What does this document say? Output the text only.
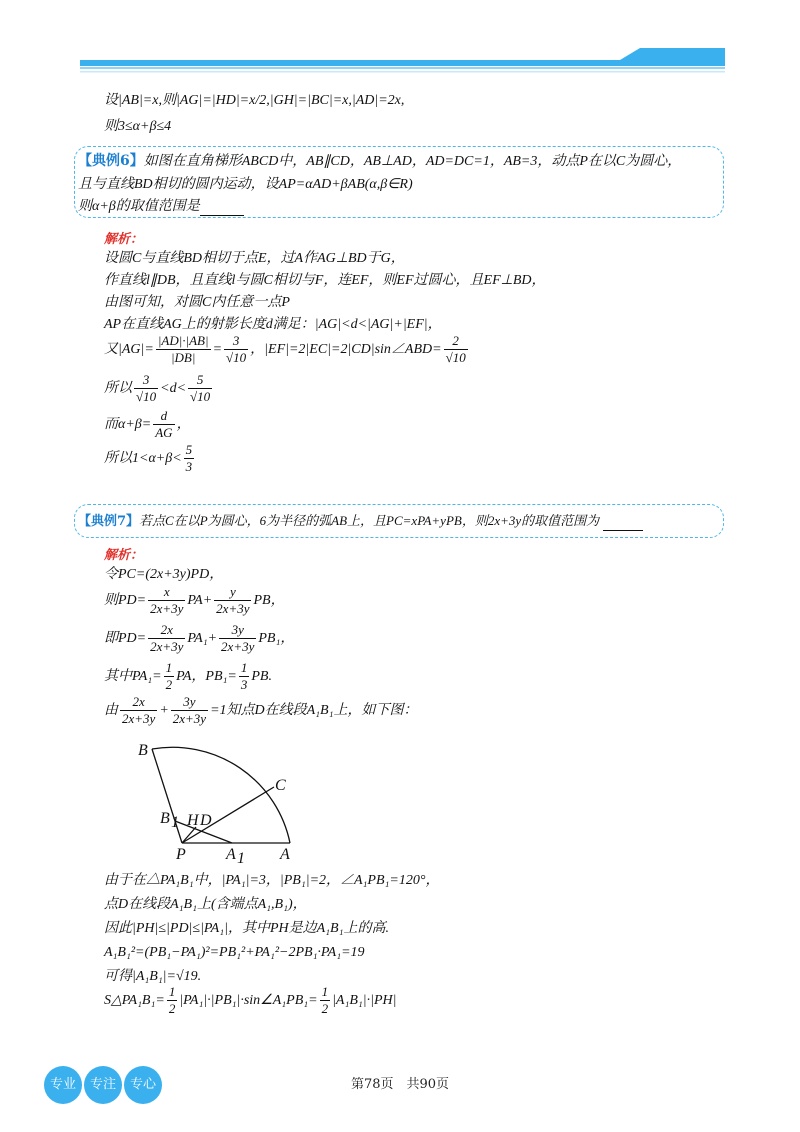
设|AB|=x,则|AG|=|HD|=x/2,|GH|=|BC|=x,|AD|=2x,
则3≤α+β≤4
【典例6】如图在直角梯形ABCD中，AB∥CD，AB⊥AD，AD=DC=1，AB=3，动点P在以C为圆心，
且与直线BD相切的圆内运动，设AP=αAD+βAB(α,β∈R)
则α+β的取值范围是
解析：
设圆C与直线BD相切于点E，过A作AG⊥BD于G，
作直线l∥DB，且直线l与圆C相切与F，连EF，则EF过圆心，且EF⊥BD，
由图可知，对圆C内任意一点P
AP在直线AG上的射影长度d满足：|AG|<d<|AG|+|EF|，
又$|AG|= \frac{|AD|\cdot|AB|}{|DB|} = \frac{3}{√10}$ ，|EF|=2|EC|=2|CD|sin∠ABD= $\frac{2}{√10}$
所以 $\frac{3}{√10} <d< \frac{5}{√10}$
而$\alpha+\beta= \frac{d}{AG}$ ，
所以$1<\alpha+\beta< \frac{5}{3}$
【典例7】若点C在以P为圆心，6为半径的弧AB上，且PC=xPA+yPB，则2x+3y的取值范围为
解析：
令PC=(2x+3y)PD，
则$PD= \frac{x}{2x+3y} PA+ \frac{y}{2x+3y}$ PB，
即$PD= \frac{2x}{2x+3y} PA_1+ \frac{3y}{2x+3y} PB_1$，
其中$PA_1= \frac{1}{2}$ PA，$PB_1= \frac{1}{3}$ PB.
由 $\frac{2x}{2x+3y} + \frac{3y}{2x+3y} =1$知点D在线段A₁B₁上，如下图：
B
C
B 1 H D
P	A 1 A
由于在△PA₁B₁中，|PA₁|=3，|PB₁|=2，∠A₁PB₁=120°，
点D在线段A₁B₁上(含端点A₁,B₁)，
因此|PH|≤|PD|≤|PA₁|，其中PH是边A₁B₁上的高.
A₁B₁²=(PB₁−PA₁)²=PB₁²+PA₁²−2PB₁·PA₁=19
可得|A₁B₁|=√19.
S△PA₁B₁= $\frac{1}{2}$ |PA₁|·|PB₁|·sin∠A₁PB₁= $\frac{1}{2} |A_1B_1|\cdot|PH|$
专业	专注	专心	第78页　共90页
